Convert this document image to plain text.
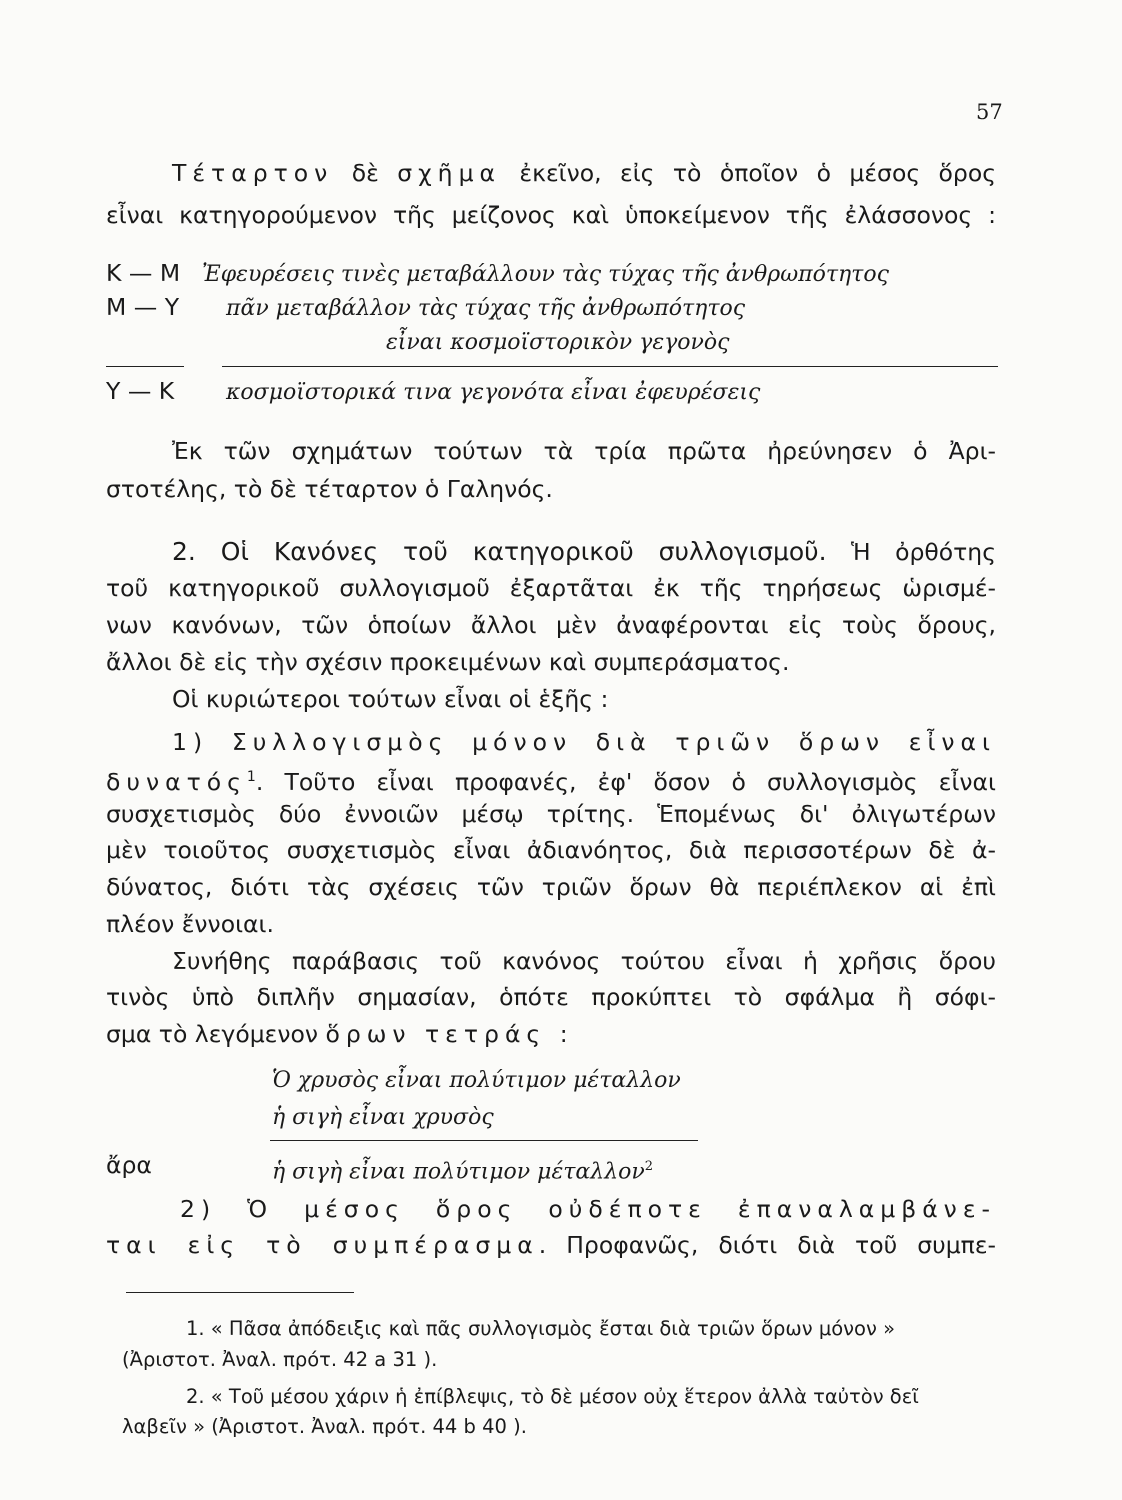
57
Τέταρτον δὲ σχῆμα ἐκεῖνο, εἰς τὸ ὁποῖον ὁ μέσος ὅρος
εἶναι κατηγορούμενον τῆς μείζονος καὶ ὑποκείμενον τῆς ἐλάσσονος :
Κ — Μ Ἐφευρέσεις τινὲς μεταβάλλουν τὰς τύχας τῆς ἀνθρωπότητος
Μ — Υ πᾶν μεταβάλλον τὰς τύχας τῆς ἀνθρωπότητος
εἶναι κοσμοϊστορικὸν γεγονὸς
Υ — Κ κοσμοϊστορικά τινα γεγονότα εἶναι ἐφευρέσεις
Ἐκ τῶν σχημάτων τούτων τὰ τρία πρῶτα ἠρεύνησεν ὁ Ἀρι-
στοτέλης, τὸ δὲ τέταρτον ὁ Γαληνός.
2. Οἱ Κανόνες τοῦ κατηγορικοῦ συλλογισμοῦ. Ἡ ὀρθότης
τοῦ κατηγορικοῦ συλλογισμοῦ ἐξαρτᾶται ἐκ τῆς τηρήσεως ὡρισμέ-
νων κανόνων, τῶν ὁποίων ἄλλοι μὲν ἀναφέρονται εἰς τοὺς ὅρους,
ἄλλοι δὲ εἰς τὴν σχέσιν προκειμένων καὶ συμπεράσματος.
Οἱ κυριώτεροι τούτων εἶναι οἱ ἑξῆς :
1) Συλλογισμὸς μόνον διὰ τριῶν ὅρων εἶναι
δυνατός$^1$. Τοῦτο εἶναι προφανές, ἐφ' ὅσον ὁ συλλογισμὸς εἶναι
συσχετισμὸς δύο ἐννοιῶν μέσῳ τρίτης. Ἑπομένως δι' ὀλιγωτέρων
μὲν τοιοῦτος συσχετισμὸς εἶναι ἀδιανόητος, διὰ περισσοτέρων δὲ ἀ-
δύνατος, διότι τὰς σχέσεις τῶν τριῶν ὅρων θὰ περιέπλεκον αἱ ἐπὶ
πλέον ἔννοιαι.
Συνήθης παράβασις τοῦ κανόνος τούτου εἶναι ἡ χρῆσις ὅρου
τινὸς ὑπὸ διπλῆν σημασίαν, ὁπότε προκύπτει τὸ σφάλμα ἢ σόφι-
σμα τὸ λεγόμενον ὅρων τετράς :
Ὁ χρυσὸς εἶναι πολύτιμον μέταλλον
ἡ σιγὴ εἶναι χρυσὸς
ἄρα	ἡ σιγὴ εἶναι πολύτιμον μέταλλον$^2$
2) Ὁ μέσος ὅρος οὐδέποτε ἐπαναλαμβάνε-
ται εἰς τὸ συμπέρασμα. Προφανῶς, διότι διὰ τοῦ συμπε-
1. « Πᾶσα ἀπόδειξις καὶ πᾶς συλλογισμὸς ἔσται διὰ τριῶν ὅρων μόνον »
(Ἀριστοτ. Ἀναλ. πρότ. 42 a 31 ).
2. « Τοῦ μέσου χάριν ἡ ἐπίβλεψις, τὸ δὲ μέσον οὐχ ἕτερον ἀλλὰ ταὐτὸν δεῖ
λαβεῖν » (Ἀριστοτ. Ἀναλ. πρότ. 44 b 40 ).
